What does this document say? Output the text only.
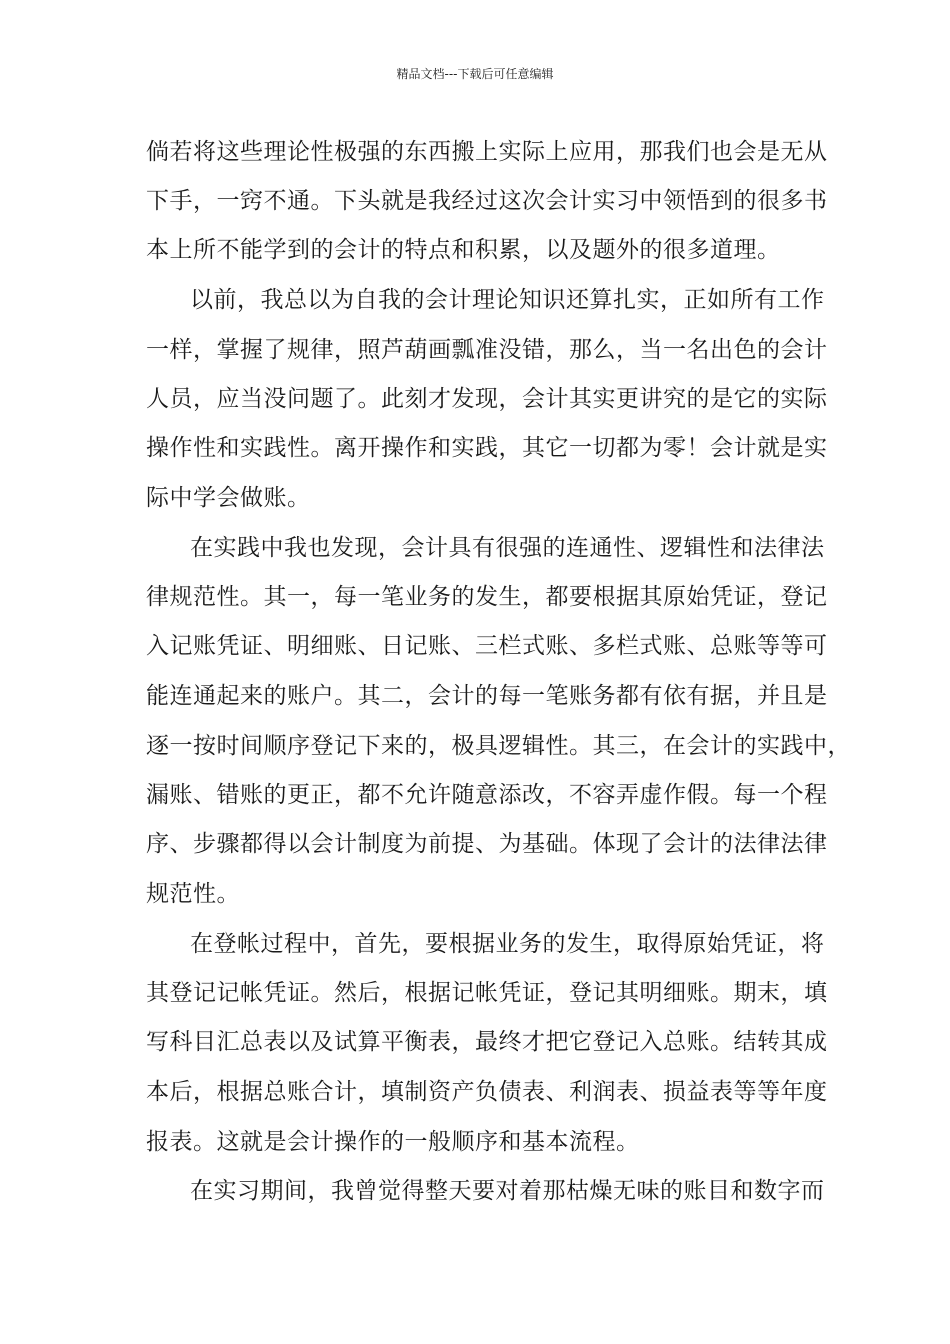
精品文档---下载后可任意编辑
倘若将这些理论性极强的东西搬上实际上应用，那我们也会是无从
下手，一窍不通。下头就是我经过这次会计实习中领悟到的很多书
本上所不能学到的会计的特点和积累，以及题外的很多道理。
以前，我总以为自我的会计理论知识还算扎实，正如所有工作
一样，掌握了规律，照芦葫画瓢准没错，那么，当一名出色的会计
人员，应当没问题了。此刻才发现，会计其实更讲究的是它的实际
操作性和实践性。离开操作和实践，其它一切都为零！会计就是实
际中学会做账。
在实践中我也发现，会计具有很强的连通性、逻辑性和法律法
律规范性。其一，每一笔业务的发生，都要根据其原始凭证，登记
入记账凭证、明细账、日记账、三栏式账、多栏式账、总账等等可
能连通起来的账户。其二，会计的每一笔账务都有依有据，并且是
逐一按时间顺序登记下来的，极具逻辑性。其三，在会计的实践中，
漏账、错账的更正，都不允许随意添改，不容弄虚作假。每一个程
序、步骤都得以会计制度为前提、为基础。体现了会计的法律法律
规范性。
在登帐过程中，首先，要根据业务的发生，取得原始凭证，将
其登记记帐凭证。然后，根据记帐凭证，登记其明细账。期末，填
写科目汇总表以及试算平衡表，最终才把它登记入总账。结转其成
本后，根据总账合计，填制资产负债表、利润表、损益表等等年度
报表。这就是会计操作的一般顺序和基本流程。
在实习期间，我曾觉得整天要对着那枯燥无味的账目和数字而
